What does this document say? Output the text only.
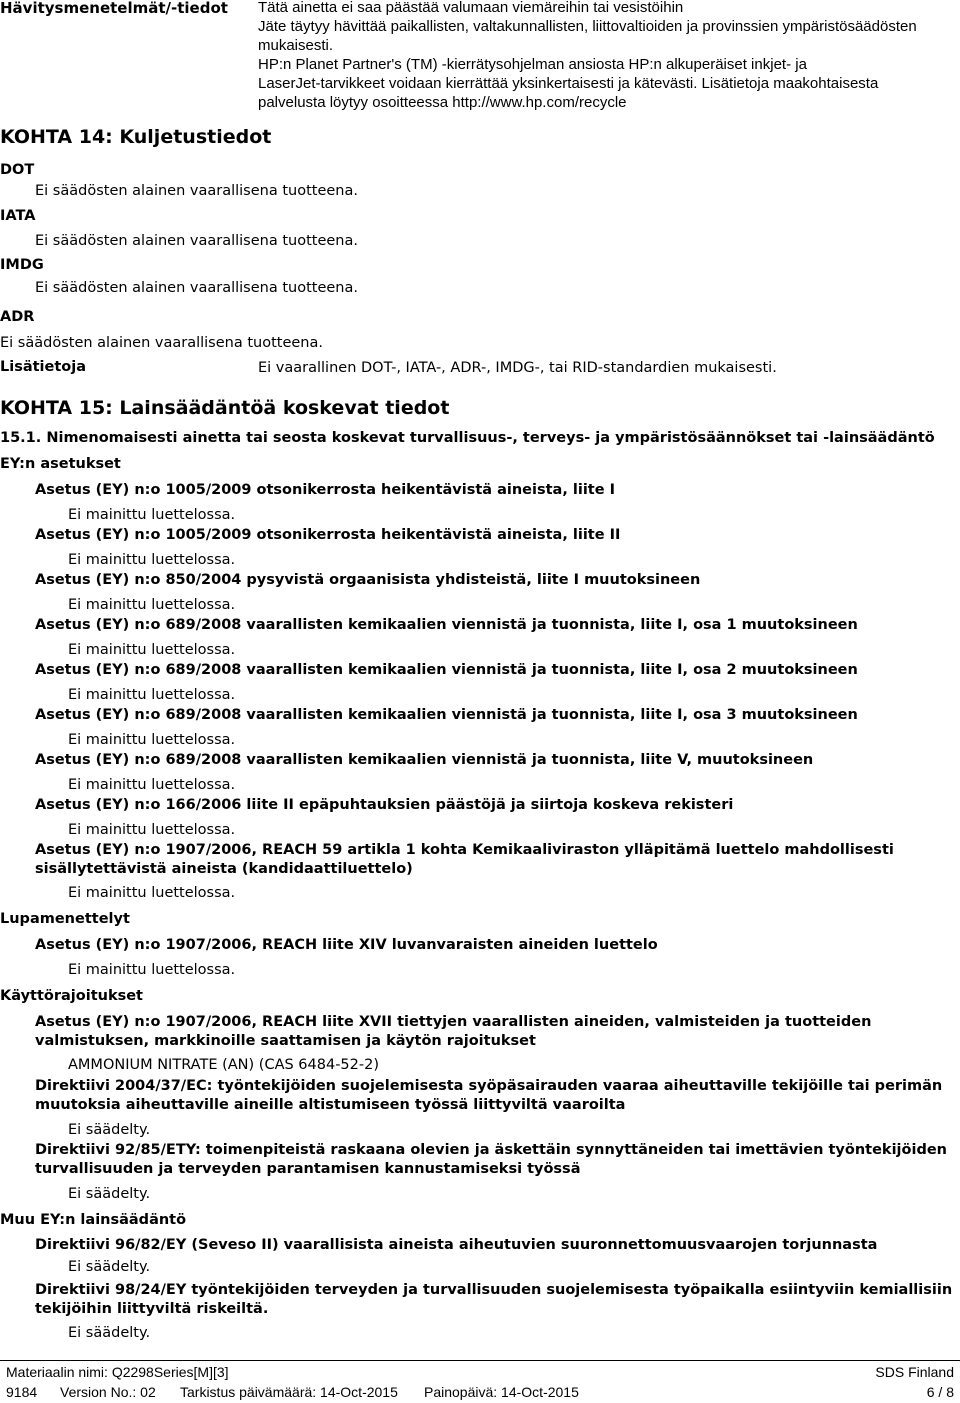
Hävitysmenetelmät/-tiedot Tätä ainetta ei saa päästää valumaan viemäreihin tai vesistöihin
Jäte täytyy hävittää paikallisten, valtakunnallisten, liittovaltioiden ja provinssien ympäristösäädösten
mukaisesti.
HP:n Planet Partner's (TM) -kierrätysohjelman ansiosta HP:n alkuperäiset inkjet- ja
LaserJet-tarvikkeet voidaan kierrättää yksinkertaisesti ja kätevästi. Lisätietoja maakohtaisesta
palvelusta löytyy osoitteessa http://www.hp.com/recycle
KOHTA 14: Kuljetustiedot
DOT
Ei säädösten alainen vaarallisena tuotteena.
IATA
Ei säädösten alainen vaarallisena tuotteena.
IMDG
Ei säädösten alainen vaarallisena tuotteena.
ADR
Ei säädösten alainen vaarallisena tuotteena.
Lisätietoja	Ei vaarallinen DOT-, IATA-, ADR-, IMDG-, tai RID-standardien mukaisesti.
KOHTA 15: Lainsäädäntöä koskevat tiedot
15.1. Nimenomaisesti ainetta tai seosta koskevat turvallisuus-, terveys- ja ympäristösäännökset tai -lainsäädäntö
EY:n asetukset
Asetus (EY) n:o 1005/2009 otsonikerrosta heikentävistä aineista, liite I
Ei mainittu luettelossa.
Asetus (EY) n:o 1005/2009 otsonikerrosta heikentävistä aineista, liite II
Ei mainittu luettelossa.
Asetus (EY) n:o 850/2004 pysyvistä orgaanisista yhdisteistä, liite I muutoksineen
Ei mainittu luettelossa.
Asetus (EY) n:o 689/2008 vaarallisten kemikaalien viennistä ja tuonnista, liite I, osa 1 muutoksineen
Ei mainittu luettelossa.
Asetus (EY) n:o 689/2008 vaarallisten kemikaalien viennistä ja tuonnista, liite I, osa 2 muutoksineen
Ei mainittu luettelossa.
Asetus (EY) n:o 689/2008 vaarallisten kemikaalien viennistä ja tuonnista, liite I, osa 3 muutoksineen
Ei mainittu luettelossa.
Asetus (EY) n:o 689/2008 vaarallisten kemikaalien viennistä ja tuonnista, liite V, muutoksineen
Ei mainittu luettelossa.
Asetus (EY) n:o 166/2006 liite II epäpuhtauksien päästöjä ja siirtoja koskeva rekisteri
Ei mainittu luettelossa.
Asetus (EY) n:o 1907/2006, REACH 59 artikla 1 kohta Kemikaaliviraston ylläpitämä luettelo mahdollisesti
sisällytettävistä aineista (kandidaattiluettelo)
Ei mainittu luettelossa.
Lupamenettelyt
Asetus (EY) n:o 1907/2006, REACH liite XIV luvanvaraisten aineiden luettelo
Ei mainittu luettelossa.
Käyttörajoitukset
Asetus (EY) n:o 1907/2006, REACH liite XVII tiettyjen vaarallisten aineiden, valmisteiden ja tuotteiden
valmistuksen, markkinoille saattamisen ja käytön rajoitukset
AMMONIUM NITRATE (AN) (CAS 6484-52-2)
Direktiivi 2004/37/EC: työntekijöiden suojelemisesta syöpäsairauden vaaraa aiheuttaville tekijöille tai perimän
muutoksia aiheuttaville aineille altistumiseen työssä liittyviltä vaaroilta
Ei säädelty.
Direktiivi 92/85/ETY: toimenpiteistä raskaana olevien ja äskettäin synnyttäneiden tai imettävien työntekijöiden
turvallisuuden ja terveyden parantamisen kannustamiseksi työssä
Ei säädelty.
Muu EY:n lainsäädäntö
Direktiivi 96/82/EY (Seveso II) vaarallisista aineista aiheutuvien suuronnettomuusvaarojen torjunnasta
Ei säädelty.
Direktiivi 98/24/EY työntekijöiden terveyden ja turvallisuuden suojelemisesta työpaikalla esiintyviin kemiallisiin
tekijöihin liittyviltä riskeiltä.
Ei säädelty.
Materiaalin nimi: Q2298Series[M][3]	SDS Finland
9184 Version No.: 02 Tarkistus päivämäärä: 14-Oct-2015 Painopäivä: 14-Oct-2015	6 / 8
